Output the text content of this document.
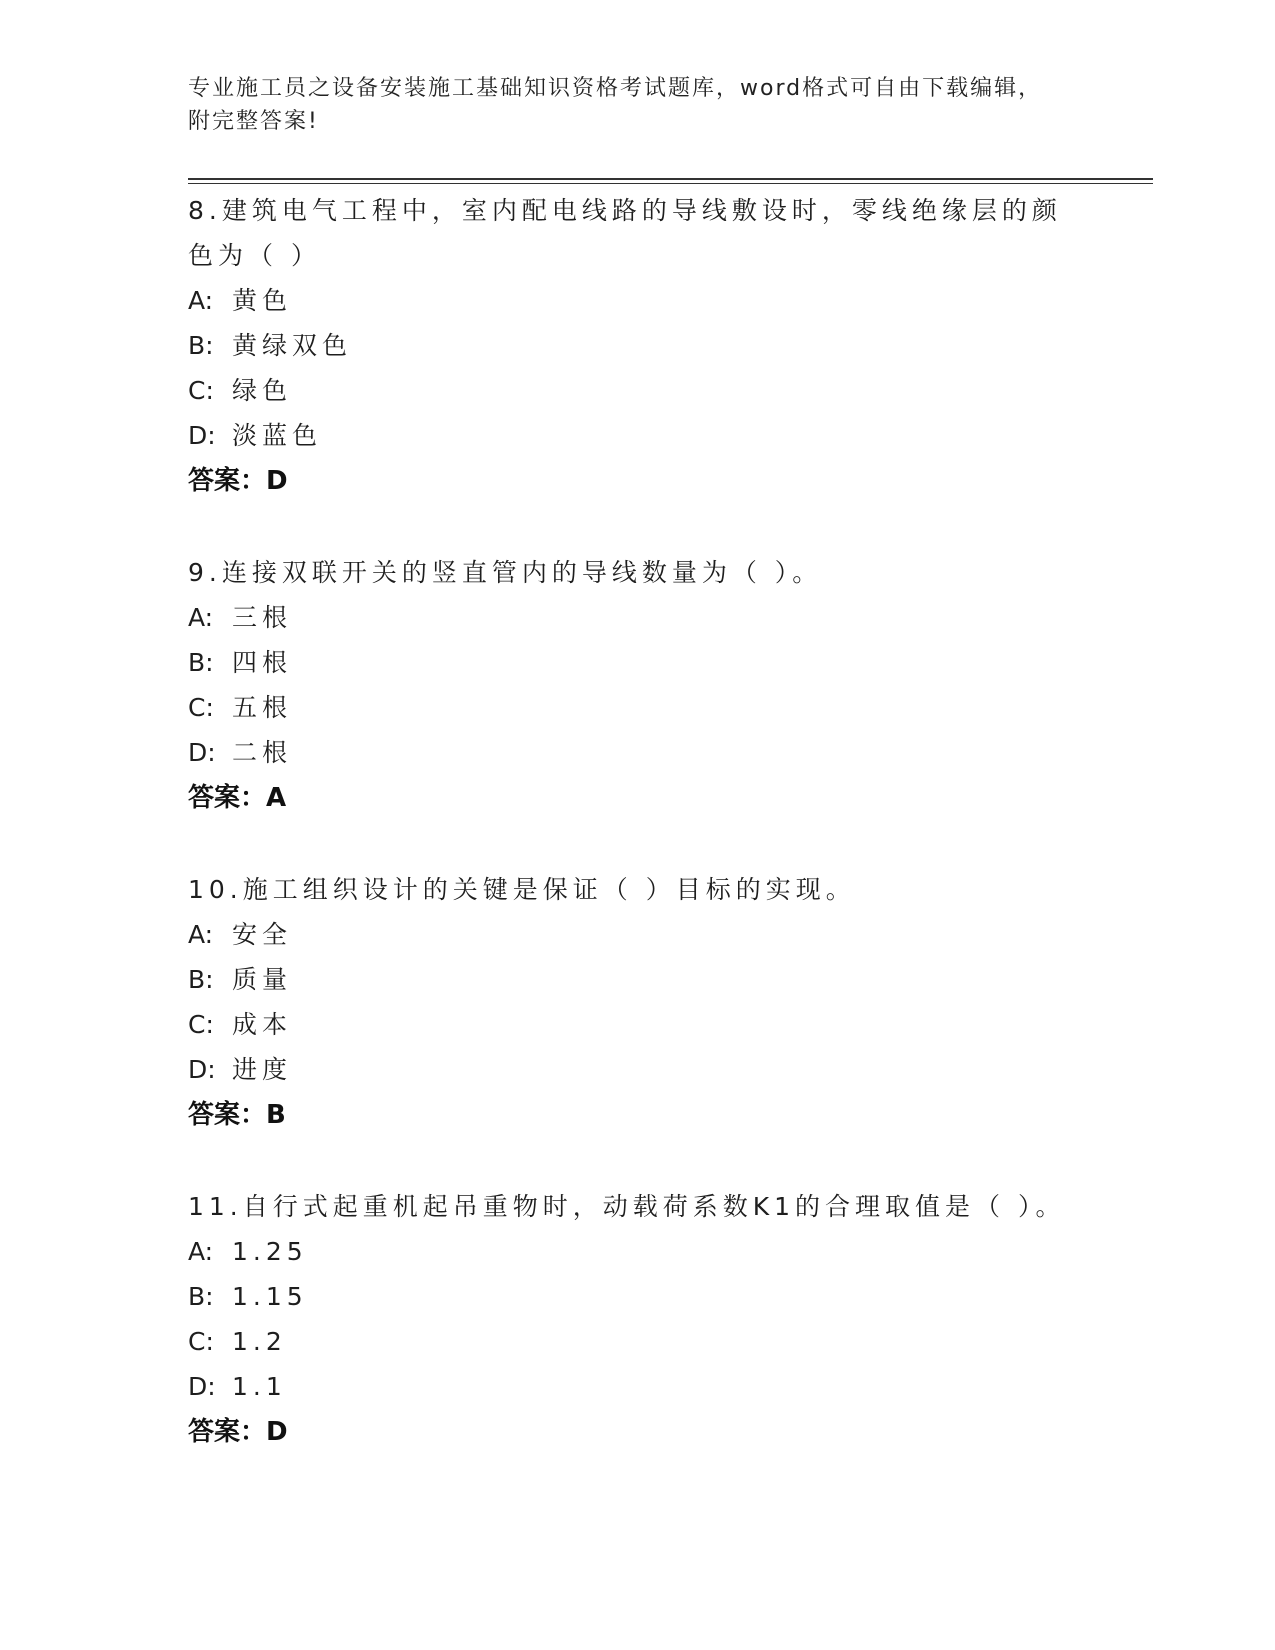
专业施工员之设备安装施工基础知识资格考试题库，word格式可自由下载编辑，
附完整答案!
8.建筑电气工程中，室内配电线路的导线敷设时，零线绝缘层的颜色为（ ）
A: 黄色
B: 黄绿双色
C: 绿色
D: 淡蓝色
答案：D
9.连接双联开关的竖直管内的导线数量为（ ）。
A: 三根
B: 四根
C: 五根
D: 二根
答案：A
10.施工组织设计的关键是保证（ ）目标的实现。
A: 安全
B: 质量
C: 成本
D: 进度
答案：B
11.自行式起重机起吊重物时，动载荷系数K1的合理取值是（ ）。
A: 1.25
B: 1.15
C: 1.2
D: 1.1
答案：D
